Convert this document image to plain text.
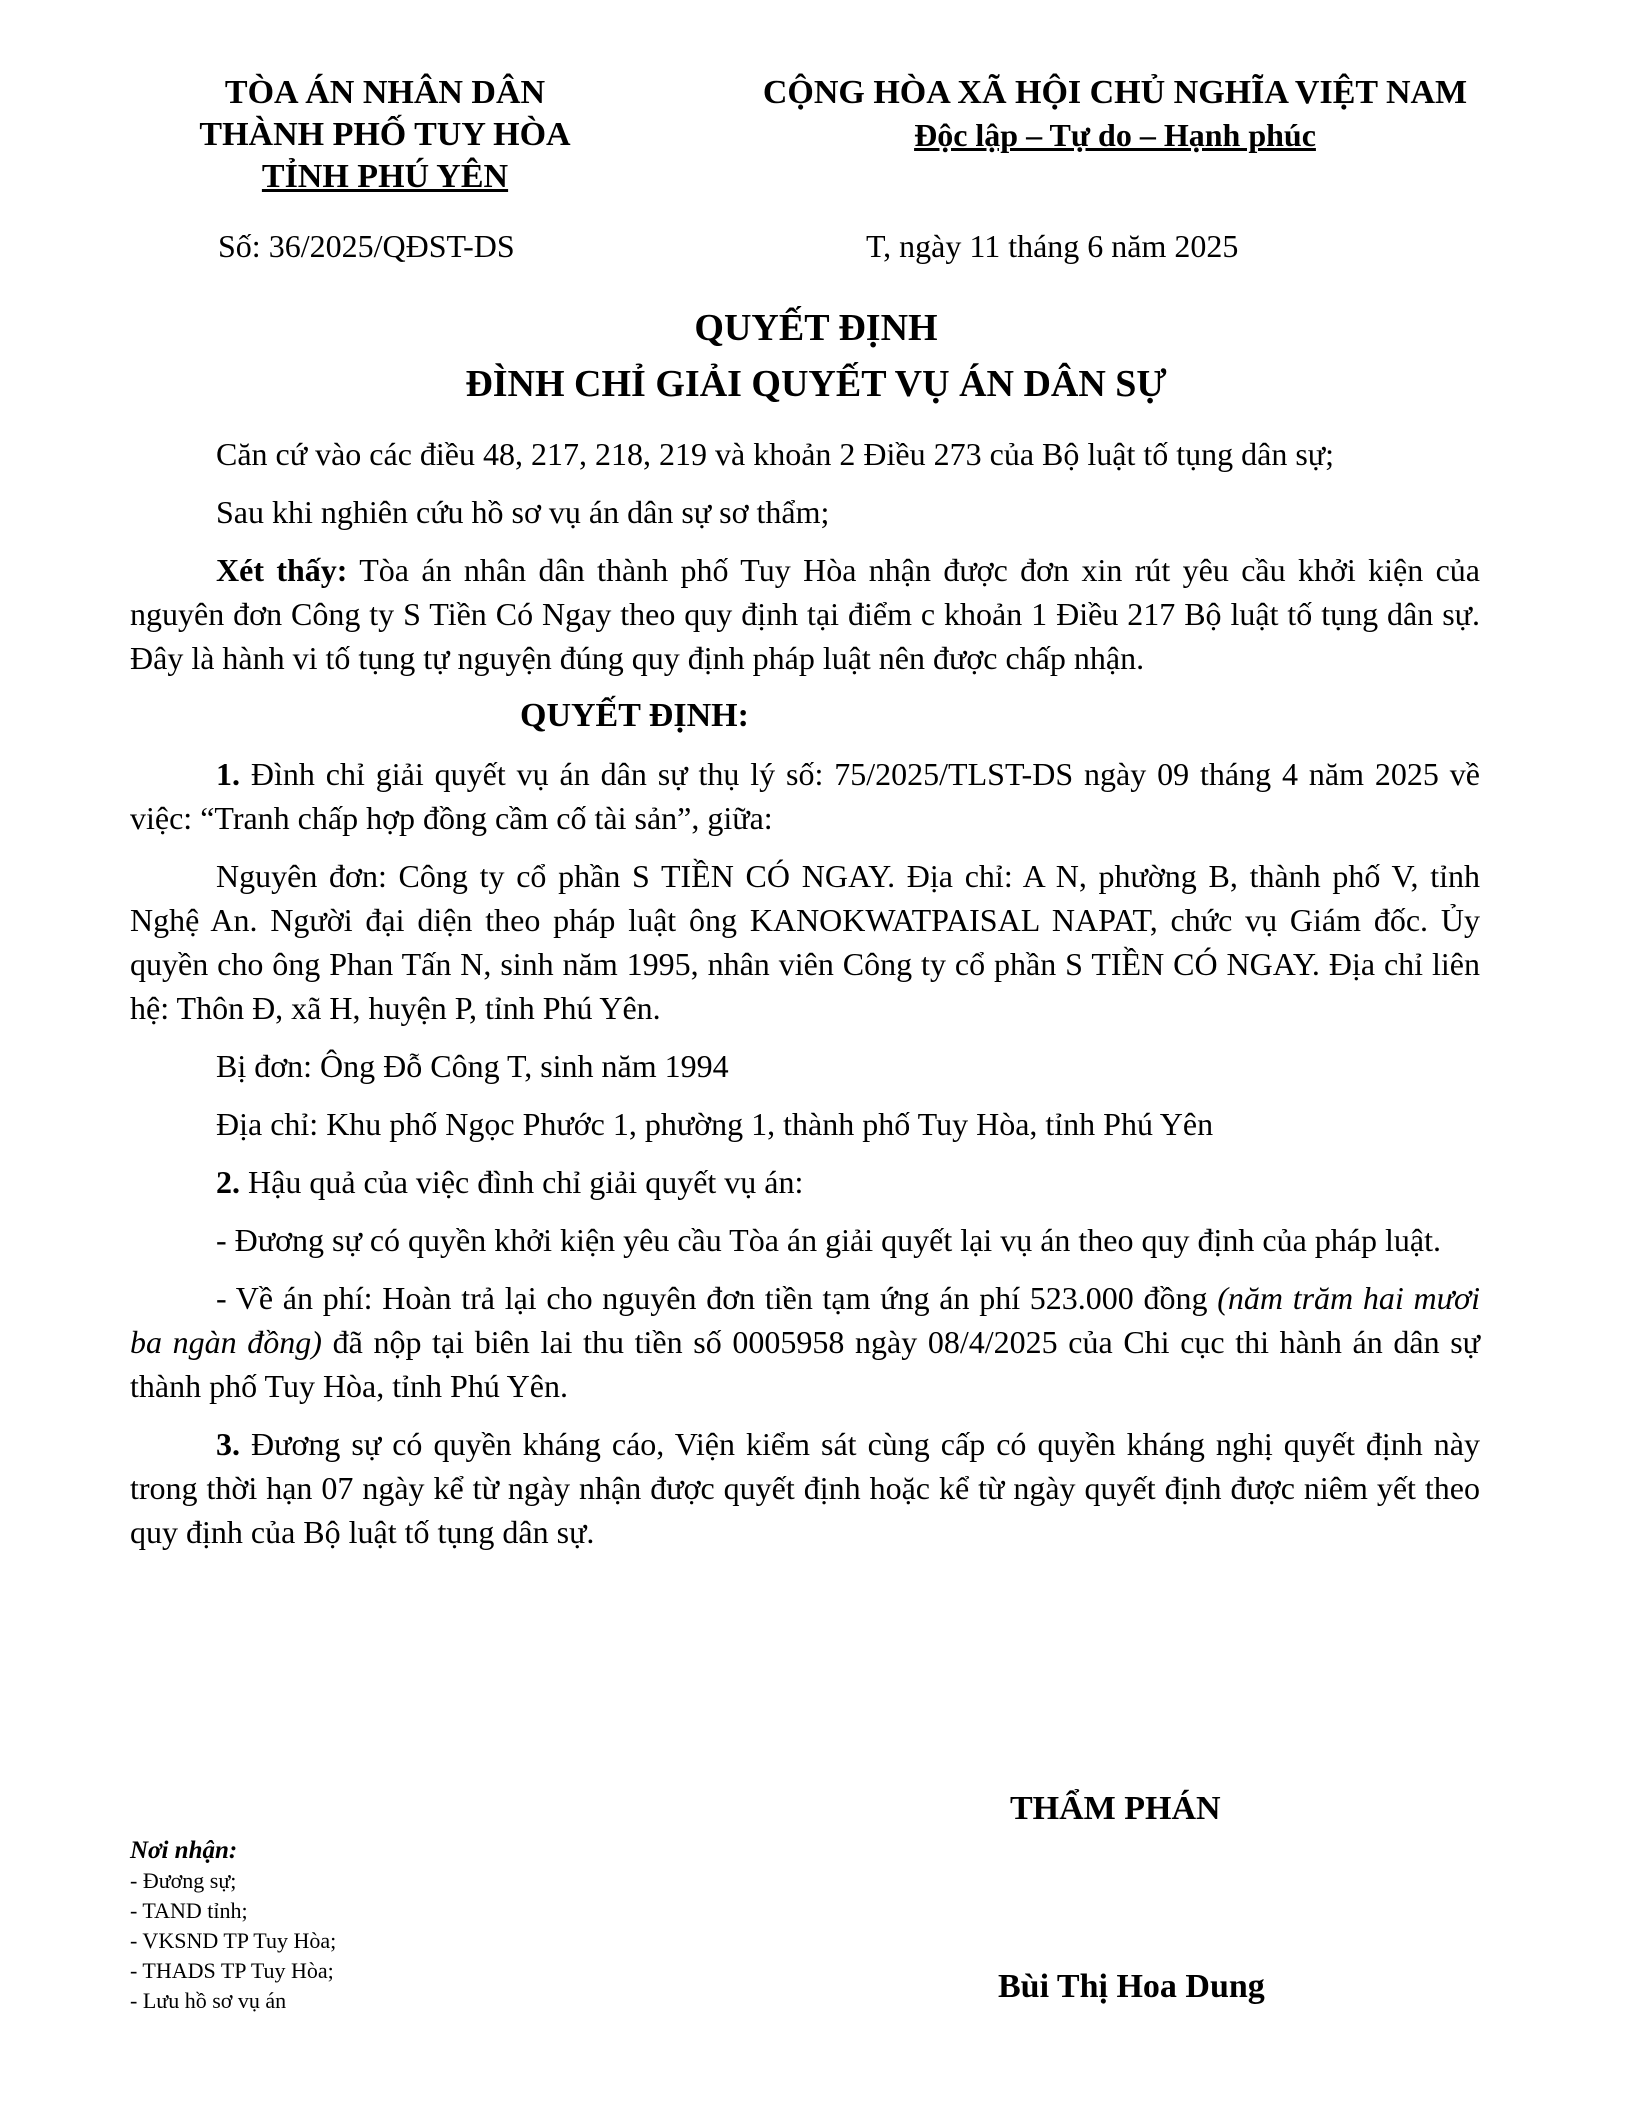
TÒA ÁN NHÂN DÂN
THÀNH PHỐ TUY HÒA
TỈNH PHÚ YÊN
CỘNG HÒA XÃ HỘI CHỦ NGHĨA VIỆT NAM
Độc lập – Tự do – Hạnh phúc
Số: 36/2025/QĐST-DS	T, ngày 11 tháng 6 năm 2025
QUYẾT ĐỊNH
ĐÌNH CHỈ GIẢI QUYẾT VỤ ÁN DÂN SỰ

Căn cứ vào các điều 48, 217, 218, 219 và khoản 2 Điều 273 của Bộ luật tố tụng dân sự;

Sau khi nghiên cứu hồ sơ vụ án dân sự sơ thẩm;

Xét thấy: Tòa án nhân dân thành phố Tuy Hòa nhận được đơn xin rút yêu cầu khởi kiện của nguyên đơn Công ty S Tiền Có Ngay theo quy định tại điểm c khoản 1 Điều 217 Bộ luật tố tụng dân sự. Đây là hành vi tố tụng tự nguyện đúng quy định pháp luật nên được chấp nhận.

QUYẾT ĐỊNH:

1. Đình chỉ giải quyết vụ án dân sự thụ lý số: 75/2025/TLST-DS ngày 09 tháng 4 năm 2025 về việc: “Tranh chấp hợp đồng cầm cố tài sản”, giữa:

Nguyên đơn: Công ty cổ phần S TIỀN CÓ NGAY. Địa chỉ: A N, phường B, thành phố V, tỉnh Nghệ An. Người đại diện theo pháp luật ông KANOKWATPAISAL NAPAT, chức vụ Giám đốc. Ủy quyền cho ông Phan Tấn N, sinh năm 1995, nhân viên Công ty cổ phần S TIỀN CÓ NGAY. Địa chỉ liên hệ: Thôn Đ, xã H, huyện P, tỉnh Phú Yên.

Bị đơn: Ông Đỗ Công T, sinh năm 1994

Địa chỉ: Khu phố Ngọc Phước 1, phường 1, thành phố Tuy Hòa, tỉnh Phú Yên

2. Hậu quả của việc đình chỉ giải quyết vụ án:

- Đương sự có quyền khởi kiện yêu cầu Tòa án giải quyết lại vụ án theo quy định của pháp luật.

- Về án phí: Hoàn trả lại cho nguyên đơn tiền tạm ứng án phí 523.000 đồng (năm trăm hai mươi ba ngàn đồng) đã nộp tại biên lai thu tiền số 0005958 ngày 08/4/2025 của Chi cục thi hành án dân sự thành phố Tuy Hòa, tỉnh Phú Yên.

3. Đương sự có quyền kháng cáo, Viện kiểm sát cùng cấp có quyền kháng nghị quyết định này trong thời hạn 07 ngày kể từ ngày nhận được quyết định hoặc kể từ ngày quyết định được niêm yết theo quy định của Bộ luật tố tụng dân sự.

THẨM PHÁN
Bùi Thị Hoa Dung
Nơi nhận:
- Đương sự;
- TAND tỉnh;
- VKSND TP Tuy Hòa;
- THADS TP Tuy Hòa;
- Lưu hồ sơ vụ án
